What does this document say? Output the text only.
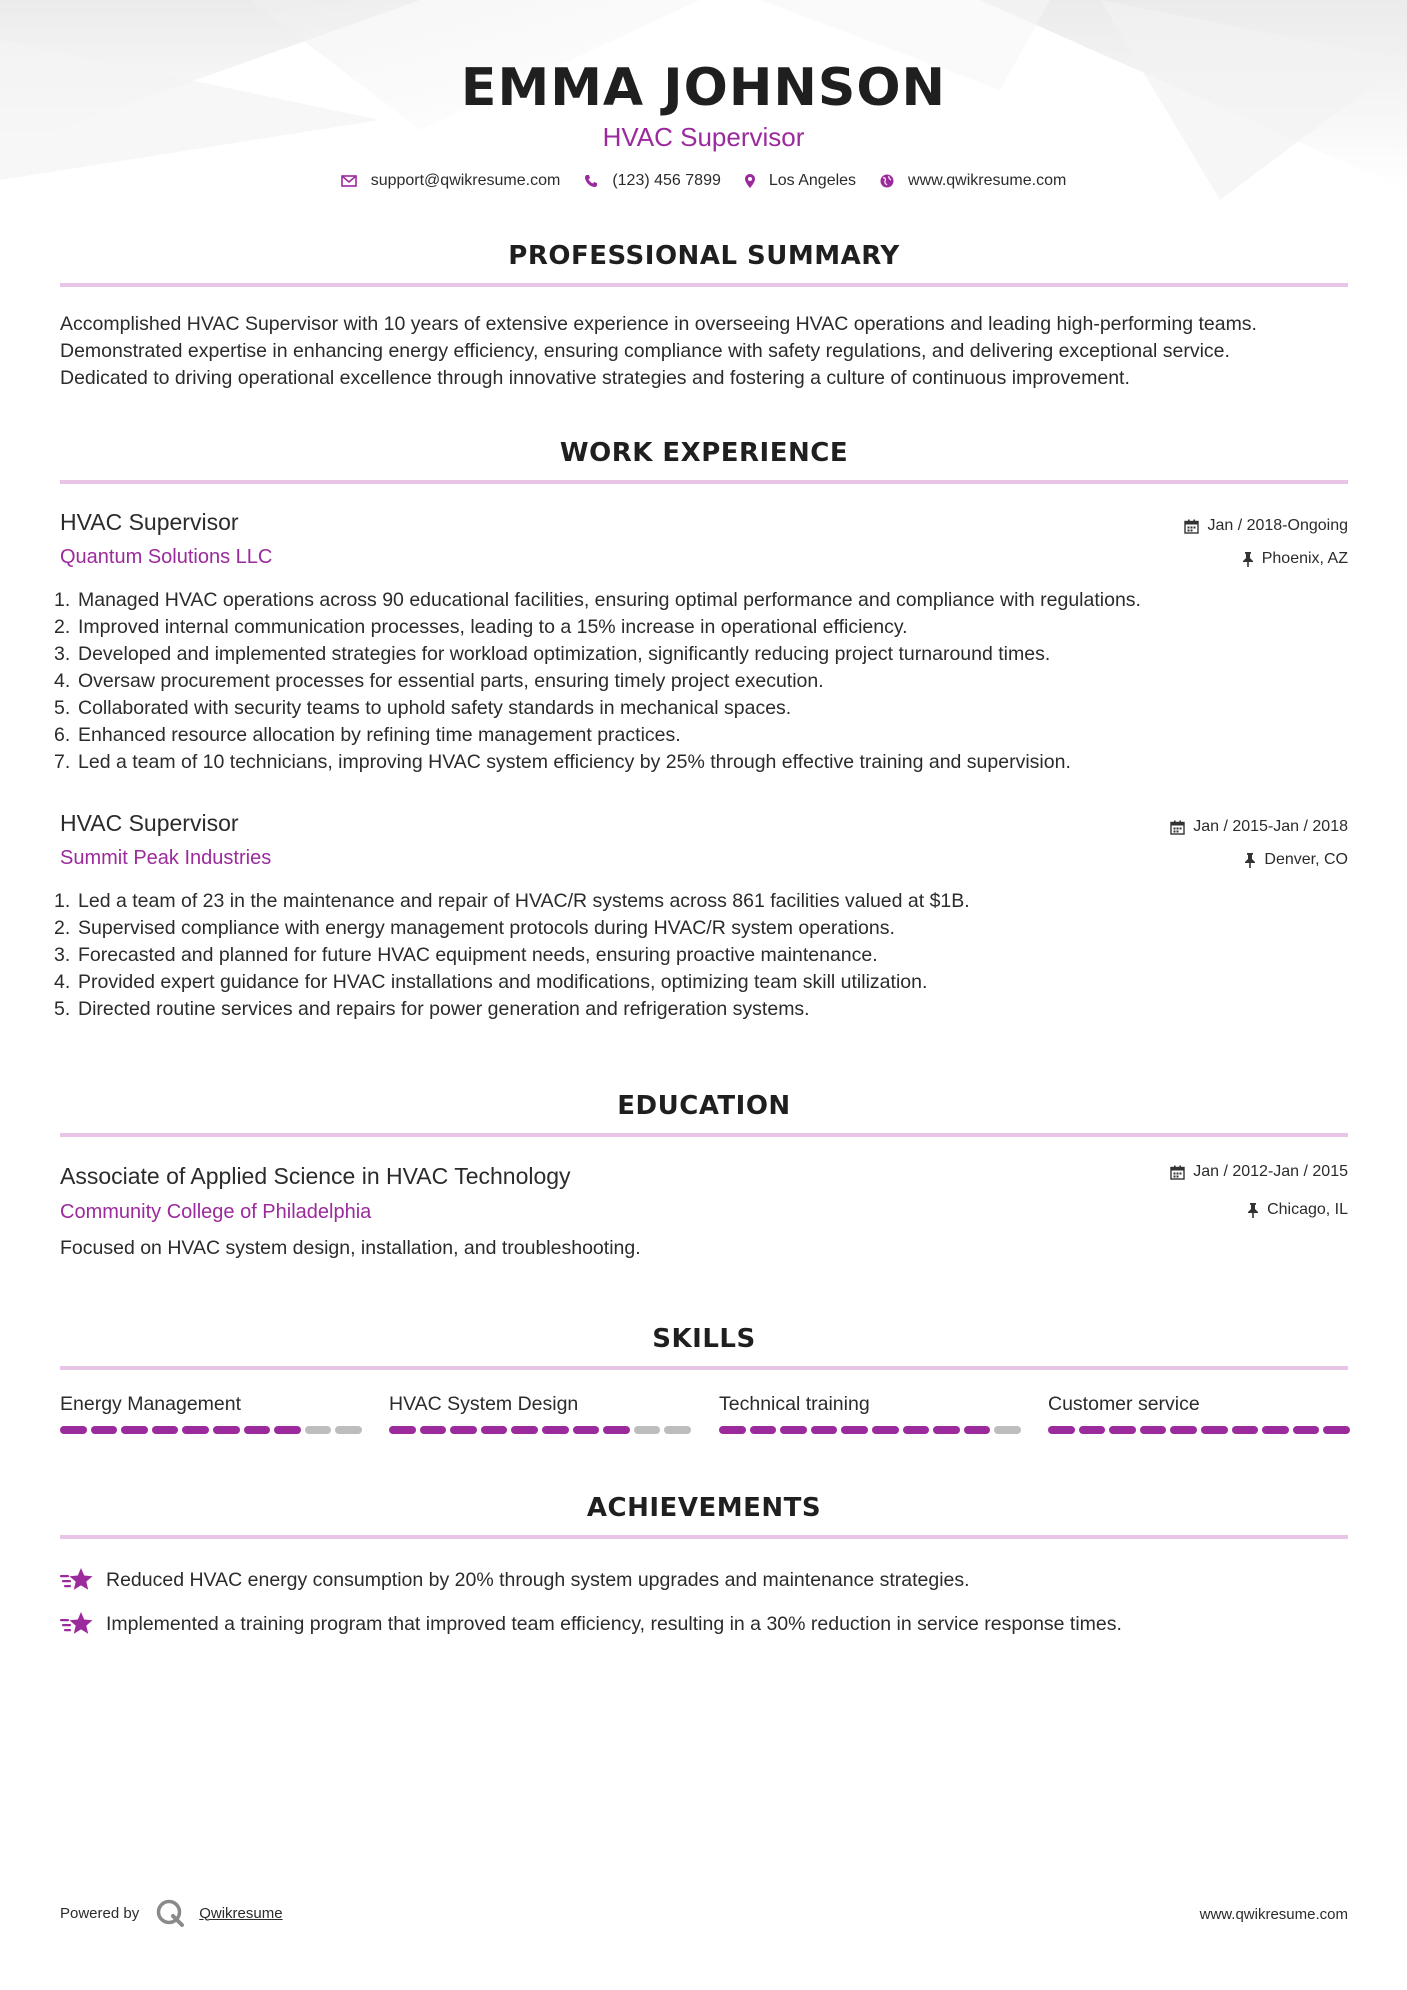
EMMA JOHNSON
HVAC Supervisor
support@qwikresume.com	(123) 456 7899	Los Angeles	www.qwikresume.com
PROFESSIONAL SUMMARY
Accomplished HVAC Supervisor with 10 years of extensive experience in overseeing HVAC operations and leading high-performing teams.
Demonstrated expertise in enhancing energy efficiency, ensuring compliance with safety regulations, and delivering exceptional service.
Dedicated to driving operational excellence through innovative strategies and fostering a culture of continuous improvement.
WORK EXPERIENCE
HVAC Supervisor
Quantum Solutions LLC
Jan / 2018-Ongoing
Phoenix, AZ
1. Managed HVAC operations across 90 educational facilities, ensuring optimal performance and compliance with regulations.
2. Improved internal communication processes, leading to a 15% increase in operational efficiency.
3. Developed and implemented strategies for workload optimization, significantly reducing project turnaround times.
4. Oversaw procurement processes for essential parts, ensuring timely project execution.
5. Collaborated with security teams to uphold safety standards in mechanical spaces.
6. Enhanced resource allocation by refining time management practices.
7. Led a team of 10 technicians, improving HVAC system efficiency by 25% through effective training and supervision.
HVAC Supervisor
Summit Peak Industries
Jan / 2015-Jan / 2018
Denver, CO
1. Led a team of 23 in the maintenance and repair of HVAC/R systems across 861 facilities valued at $1B.
2. Supervised compliance with energy management protocols during HVAC/R system operations.
3. Forecasted and planned for future HVAC equipment needs, ensuring proactive maintenance.
4. Provided expert guidance for HVAC installations and modifications, optimizing team skill utilization.
5. Directed routine services and repairs for power generation and refrigeration systems.
EDUCATION
Associate of Applied Science in HVAC Technology
Community College of Philadelphia
Jan / 2012-Jan / 2015
Chicago, IL
Focused on HVAC system design, installation, and troubleshooting.
SKILLS
Energy Management	HVAC System Design	Technical training	Customer service
ACHIEVEMENTS
Reduced HVAC energy consumption by 20% through system upgrades and maintenance strategies.
Implemented a training program that improved team efficiency, resulting in a 30% reduction in service response times.
Powered by	Qwikresume	www.qwikresume.com
